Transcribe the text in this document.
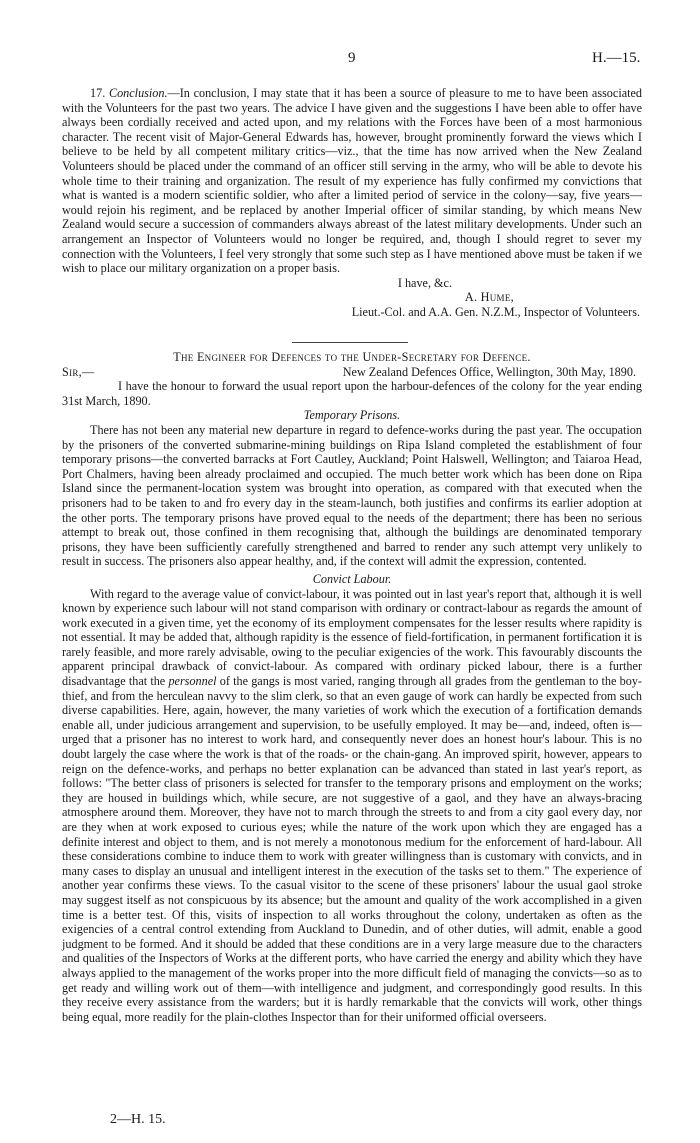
9	H.—15.

17. Conclusion.—In conclusion, I may state that it has been a source of pleasure to me to have been associated with the Volunteers for the past two years. The advice I have given and the suggestions I have been able to offer have always been cordially received and acted upon, and my relations with the Forces have been of a most harmonious character. The recent visit of Major-General Edwards has, however, brought prominently forward the views which I believe to be held by all competent military critics—viz., that the time has now arrived when the New Zealand Volunteers should be placed under the command of an officer still serving in the army, who will be able to devote his whole time to their training and organization. The result of my experience has fully confirmed my convictions that what is wanted is a modern scientific soldier, who after a limited period of service in the colony—say, five years—would rejoin his regiment, and be replaced by another Imperial officer of similar standing, by which means New Zealand would secure a succession of commanders always abreast of the latest military developments. Under such an arrangement an Inspector of Volunteers would no longer be required, and, though I should regret to sever my connection with the Volunteers, I feel very strongly that some such step as I have mentioned above must be taken if we wish to place our military organization on a proper basis.

I have, &c.
A. Hume,
Lieut.-Col. and A.A. Gen. N.Z.M., Inspector of Volunteers.
The Engineer for Defences to the Under-Secretary for Defence.
Sir,—	New Zealand Defences Office, Wellington, 30th May, 1890.

I have the honour to forward the usual report upon the harbour-defences of the colony for the year ending 31st March, 1890.

Temporary Prisons.

There has not been any material new departure in regard to defence-works during the past year. The occupation by the prisoners of the converted submarine-mining buildings on Ripa Island completed the establishment of four temporary prisons—the converted barracks at Fort Cautley, Auckland; Point Halswell, Wellington; and Taiaroa Head, Port Chalmers, having been already proclaimed and occupied. The much better work which has been done on Ripa Island since the permanent-location system was brought into operation, as compared with that executed when the prisoners had to be taken to and fro every day in the steam-launch, both justifies and confirms its earlier adoption at the other ports. The temporary prisons have proved equal to the needs of the department; there has been no serious attempt to break out, those confined in them recognising that, although the buildings are denominated temporary prisons, they have been sufficiently carefully strengthened and barred to render any such attempt very unlikely to result in success. The prisoners also appear healthy, and, if the context will admit the expression, contented.

Convict Labour.

With regard to the average value of convict-labour, it was pointed out in last year's report that, although it is well known by experience such labour will not stand comparison with ordinary or contract-labour as regards the amount of work executed in a given time, yet the economy of its employment compensates for the lesser results where rapidity is not essential. It may be added that, although rapidity is the essence of field-fortification, in permanent fortification it is rarely feasible, and more rarely advisable, owing to the peculiar exigencies of the work. This favourably discounts the apparent principal drawback of convict-labour. As compared with ordinary picked labour, there is a further disadvantage that the personnel of the gangs is most varied, ranging through all grades from the gentleman to the boy-thief, and from the herculean navvy to the slim clerk, so that an even gauge of work can hardly be expected from such diverse capabilities. Here, again, however, the many varieties of work which the execution of a fortification demands enable all, under judicious arrangement and supervision, to be usefully employed. It may be—and, indeed, often is—urged that a prisoner has no interest to work hard, and consequently never does an honest hour's labour. This is no doubt largely the case where the work is that of the roads- or the chain-gang. An improved spirit, however, appears to reign on the defence-works, and perhaps no better explanation can be advanced than stated in last year's report, as follows: "The better class of prisoners is selected for transfer to the temporary prisons and employment on the works; they are housed in buildings which, while secure, are not suggestive of a gaol, and they have an always-bracing atmosphere around them. Moreover, they have not to march through the streets to and from a city gaol every day, nor are they when at work exposed to curious eyes; while the nature of the work upon which they are engaged has a definite interest and object to them, and is not merely a monotonous medium for the enforcement of hard-labour. All these considerations combine to induce them to work with greater willingness than is customary with convicts, and in many cases to display an unusual and intelligent interest in the execution of the tasks set to them." The experience of another year confirms these views. To the casual visitor to the scene of these prisoners' labour the usual gaol stroke may suggest itself as not conspicuous by its absence; but the amount and quality of the work accomplished in a given time is a better test. Of this, visits of inspection to all works throughout the colony, undertaken as often as the exigencies of a central control extending from Auckland to Dunedin, and of other duties, will admit, enable a good judgment to be formed. And it should be added that these conditions are in a very large measure due to the characters and qualities of the Inspectors of Works at the different ports, who have carried the energy and ability which they have always applied to the management of the works proper into the more difficult field of managing the convicts—so as to get ready and willing work out of them—with intelligence and judgment, and correspondingly good results. In this they receive every assistance from the warders; but it is hardly remarkable that the convicts will work, other things being equal, more readily for the plain-clothes Inspector than for their uniformed official overseers.

2—H. 15.
